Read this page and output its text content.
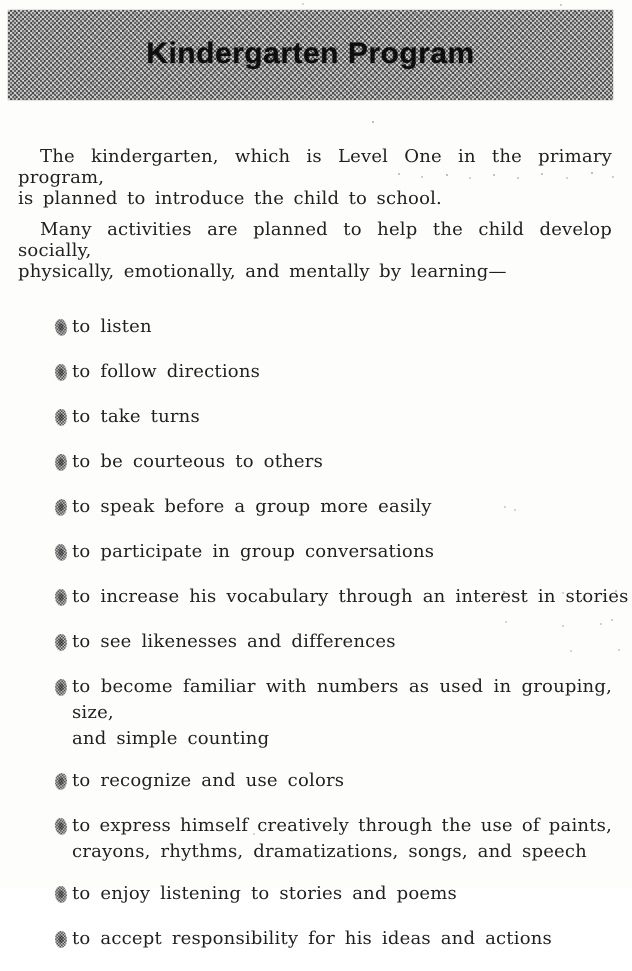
Kindergarten Program
The kindergarten, which is Level One in the primary program,
is planned to introduce the child to school.
Many activities are planned to help the child develop socially,
physically, emotionally, and mentally by learning—
to listen
to follow directions
to take turns
to be courteous to others
to speak before a group more easily
to participate in group conversations
to increase his vocabulary through an interest in stories
to see likenesses and differences
to become familiar with numbers as used in grouping, size,
and simple counting
to recognize and use colors
to express himself creatively through the use of paints,
crayons, rhythms, dramatizations, songs, and speech
to enjoy listening to stories and poems
to accept responsibility for his ideas and actions
